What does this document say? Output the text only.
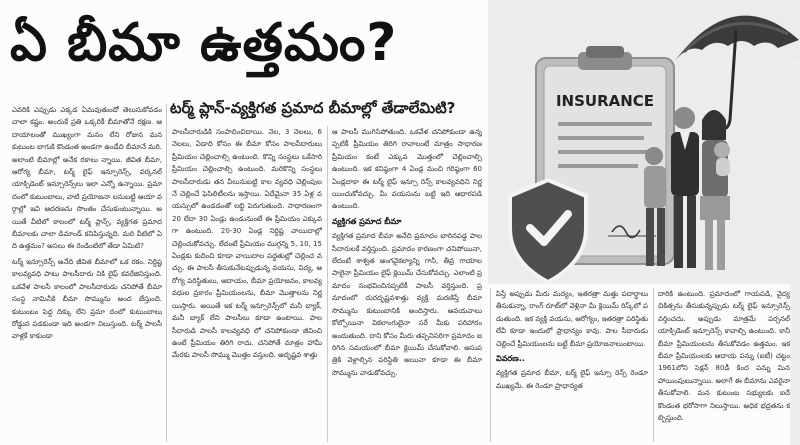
ఏ బీమా ఉత్తమం?
INSURANCE
టర్మ్ ప్లాన్-వ్యక్తిగత ప్రమాద బీమాల్లో తేడాలేమిటి?

ఎవరికి ఎప్పుడు ఎక్కడ ఏమవుతుందో తెలుసుకోవడం చాలా కష్టం. అందుకే ప్రతి ఒక్కరికీ బీమాతోనే రక్షణ. ఆదాయాలంతో ముఖ్యంగా మనం లేని రోజున మన కుటుంబ బాగుకి కొండంత అండగా ఉండేది బీమానే మరి. అలాంటి బీమాల్లో అనేక రకాలు న్నాయి. జీవిత బీమా, ఆరోగ్య బీమా, టర్మ్ లైఫ్ ఇన్సూరెన్స్, వర్కనల్ యాక్సిడెంట్ ఇన్సూరెన్స్‌లు ఇలా ఎన్నో ఉన్నాయి. ప్రమా దంలో కుటుంబాలు, వాటి ప్రయోజనా లనుబట్టి ఆయా వర్గాల్లో ఇవి ఆదరణను సొంతం చేసుకుంటున్నాయి. అయితే వీటిలో కాలంలో టర్మ్ ప్లాన్స్, వ్యక్తిగత ప్రమాద బీమాలకు చాలా డిమాండ్ కనిపిస్తున్నది. మరి వీటిలో ఏది ఉత్తమం? అసలు ఈ రెండింటిలో తేడా ఏమిటి?

టర్మ్ ఇన్సూరెన్స్ అనేది జీవిత బీమాలో ఒక రకం. నిర్దిష్ట కాలవ్యవధి పాటు పాలసీదారు నికి లైఫ్ కవరేజినిస్తుంది. ఒకవేళ పాలసీ కాలంలో పాలసీదారుడు చనిపోతే బీమా సంస్థ నామినీకి బీమా సొమ్మును అంద జేస్తుంది. కుటుంబం పెద్ద దిక్కు లేని ప్రమా దంలో కుటుంబాలు రోడ్డున పడకుండా ఇది అండగా నిలుస్తుంది. టర్మ్ పాలసీ వాళ్లకే కాకుండా

పాలసీదారుడికి సంపాదించిదాయి. నెల, 3 నెలలు, 6 నెలలు, ఏడాది కోసం ఈ బీమా కోసం పాలసీదారులు ప్రీమియం చెల్లించాల్సి ఉంటుంది. కొన్ని సంస్థలు ఒకేసారి ప్రీమియం చెల్లించాల్సి ఉంటుంది. మరికొన్ని సంస్థలు పాలసీదారుడు తన వీలునుబట్టి కాల వ్యవధి చెల్లింపులనే చెల్లించే ఫెసిలిటీలను ఇస్తాయి. ఏదేమైనా 35 ఏళ్ల వయస్సులో ఉండడంతో లబ్ధి పెరుగుతుంది. సాధారణంగా 20 లేదా 30 ఏండ్లు ఉండునుంటే ఈ ప్రీమియం ఎక్కువగా ఉంటుంది. 20-30 ఏండ్ల నిర్దిష్ట వాయిదాల్లో చెల్లించుకోవచ్చు. లేదంటే ప్రీమియం ముగ్గన్ని 5, 10, 15 ఏండ్లకు కుదించి కూడా వాయిదాల పద్ధతుల్లో చెల్లించ వచ్చు. ఈ పాలసీ తీసుకునేటప్పుడున్న వయసు, విద్య, ఆరోగ్య పరిస్థితులు, ఆదాయం, బీమా ప్రయోజనం, కాలవ్యవధుల ప్రకారం ప్రీమియంలను, బీమా మొత్తాలను నిర్ణయిస్తారు. అయితే ఇక టర్మ్ ఇన్సూరెన్స్‌లో మనీ బ్యాక్, మనీ బ్యాక్ లేని పాలసీలు కూడా ఉంటాయి. పాలసీదారుడి పాలసీ కాలవ్యవధి లో చనిపోకుండా జీవించి ఉంటే ప్రీమియం తిరిగి రాదు. చనిపోతే మాత్రం హామీ మేరకు పాలసీ సొమ్ము మొత్తం వస్తుంది. అదృష్టవ శాత్తు

ఆ పాలసీ ముగిసిపోతుంది. ఒకవేళ చనిపోకుండా ఉన్నప్పటికీ ప్రీమియం తిరిగి రావాలంటే మాత్రం సాధారణ ప్రీమియం కంటే ఎక్కువ మొత్తంలో చెల్లించాల్సి ఉంటుంది. ఇక కనిష్ఠంగా 4 ఏండ్ల నుంచి గరిష్ఠంగా 60 ఏండ్లదాకా ఈ టర్మ్ లైఫ్ ఇన్సూ రెన్స్ కాలవ్యవధిని నిర్ణయించుకోవచ్చు. మీ వయసును బట్టి ఇది ఆధారపడి ఉంటుంది.

వ్యక్తిగత ప్రమాద బీమా

వ్యక్తిగత ప్రమాద బీమా అనేది ప్రమాదం బారినపడ్డ పాలసీదారులకే వర్తిస్తుంది. ప్రమాదం కారణంగా చనిపోయినా, లేదంటే శాశ్వత అంగవైకల్యాన్ని గానీ, తీవ్ర గాయాలపాలైనా ప్రీమియం లైఫ్ క్లెయిమ్ చేసుకోవచ్చు. ఎలాంటి ప్రమాదం సంభవించినప్పటికీ పాలసీ వర్తిస్తుంది. ప్రమాదంలో దురదృష్టవశాత్తు వ్యక్తి మరణిస్తే బీమా సొమ్మును కుటుంబానికి అందిస్తారు. అవయవాలు కోల్పోయినా వికలాంగులైనా సరే మీకు పరిహారం అందుతుంది. దాని కోసం మీరు తప్పనిసరిగా ప్రమాదం జరిగిన సమయంలో బీమా క్లెయిమ్ చేసుకోవాలి. ఆసుపత్రికి వెళ్లాల్సిన పరిస్థితి అయినా కూడా ఈ బీమా సొమ్మును వాడుకోవచ్చు.

పిస్తే అప్పుడు మీరు మద్యం, ఇతరత్రా మత్తు పదార్థాలు తీసుకున్నా, రాంగ్ రూట్‌లో వెళ్లినా మీ క్లెయిమ్ రిస్క్‌లో పడుతుంది. ఇక వ్యక్తి వయసు, ఆరోగ్యం, ఇతరత్రా పరిస్థితు లేవీ కూడా ఇందులో ప్రాధాన్యం కావు. పాల సీదారుడు చెల్లించే ప్రీమియంలను బట్టే బీమా ప్రయోజనాలుంటాయి.

వివరణ..

వ్యక్తిగత ప్రమాద బీమా, టర్మ్ లైఫ్ ఇన్సూ రెన్స్ రెండూ ముఖ్యమే. ఈ రెండూ ప్రాధాన్యత

దారికి ఉంటుంది. ప్రమాదంలో గాయపడి, వైద్య చికిత్సను తీసుకున్నప్పుడు టర్మ్ లైఫ్ ఇన్సూరెన్స్ వర్తించదు. అప్పుడు మాత్రమే పర్సనల్ యాక్సిడెంట్ ఇన్సూరెన్స్ కావాల్సి ఉంటుంది. కానీ బీమా ప్రీమియంలను తీసుకోవడం ఉత్తమం. ఇక బీమా ప్రీమియంలకు ఆదాయ పన్ను (ఐటీ) చట్టం 1961లోని సెక్షన్ 80డీ కింద పన్ను మినహాయింపులున్నాయి. అలాగే ఈ బీమాను ఎవరైనా తీసుకోవాలి. మన కుటుంబ సభ్యులకు ఐదే కొండంత భరోసాగా నిలుస్తాయి. అధిక భద్రతను కల్పిస్తుంది.
